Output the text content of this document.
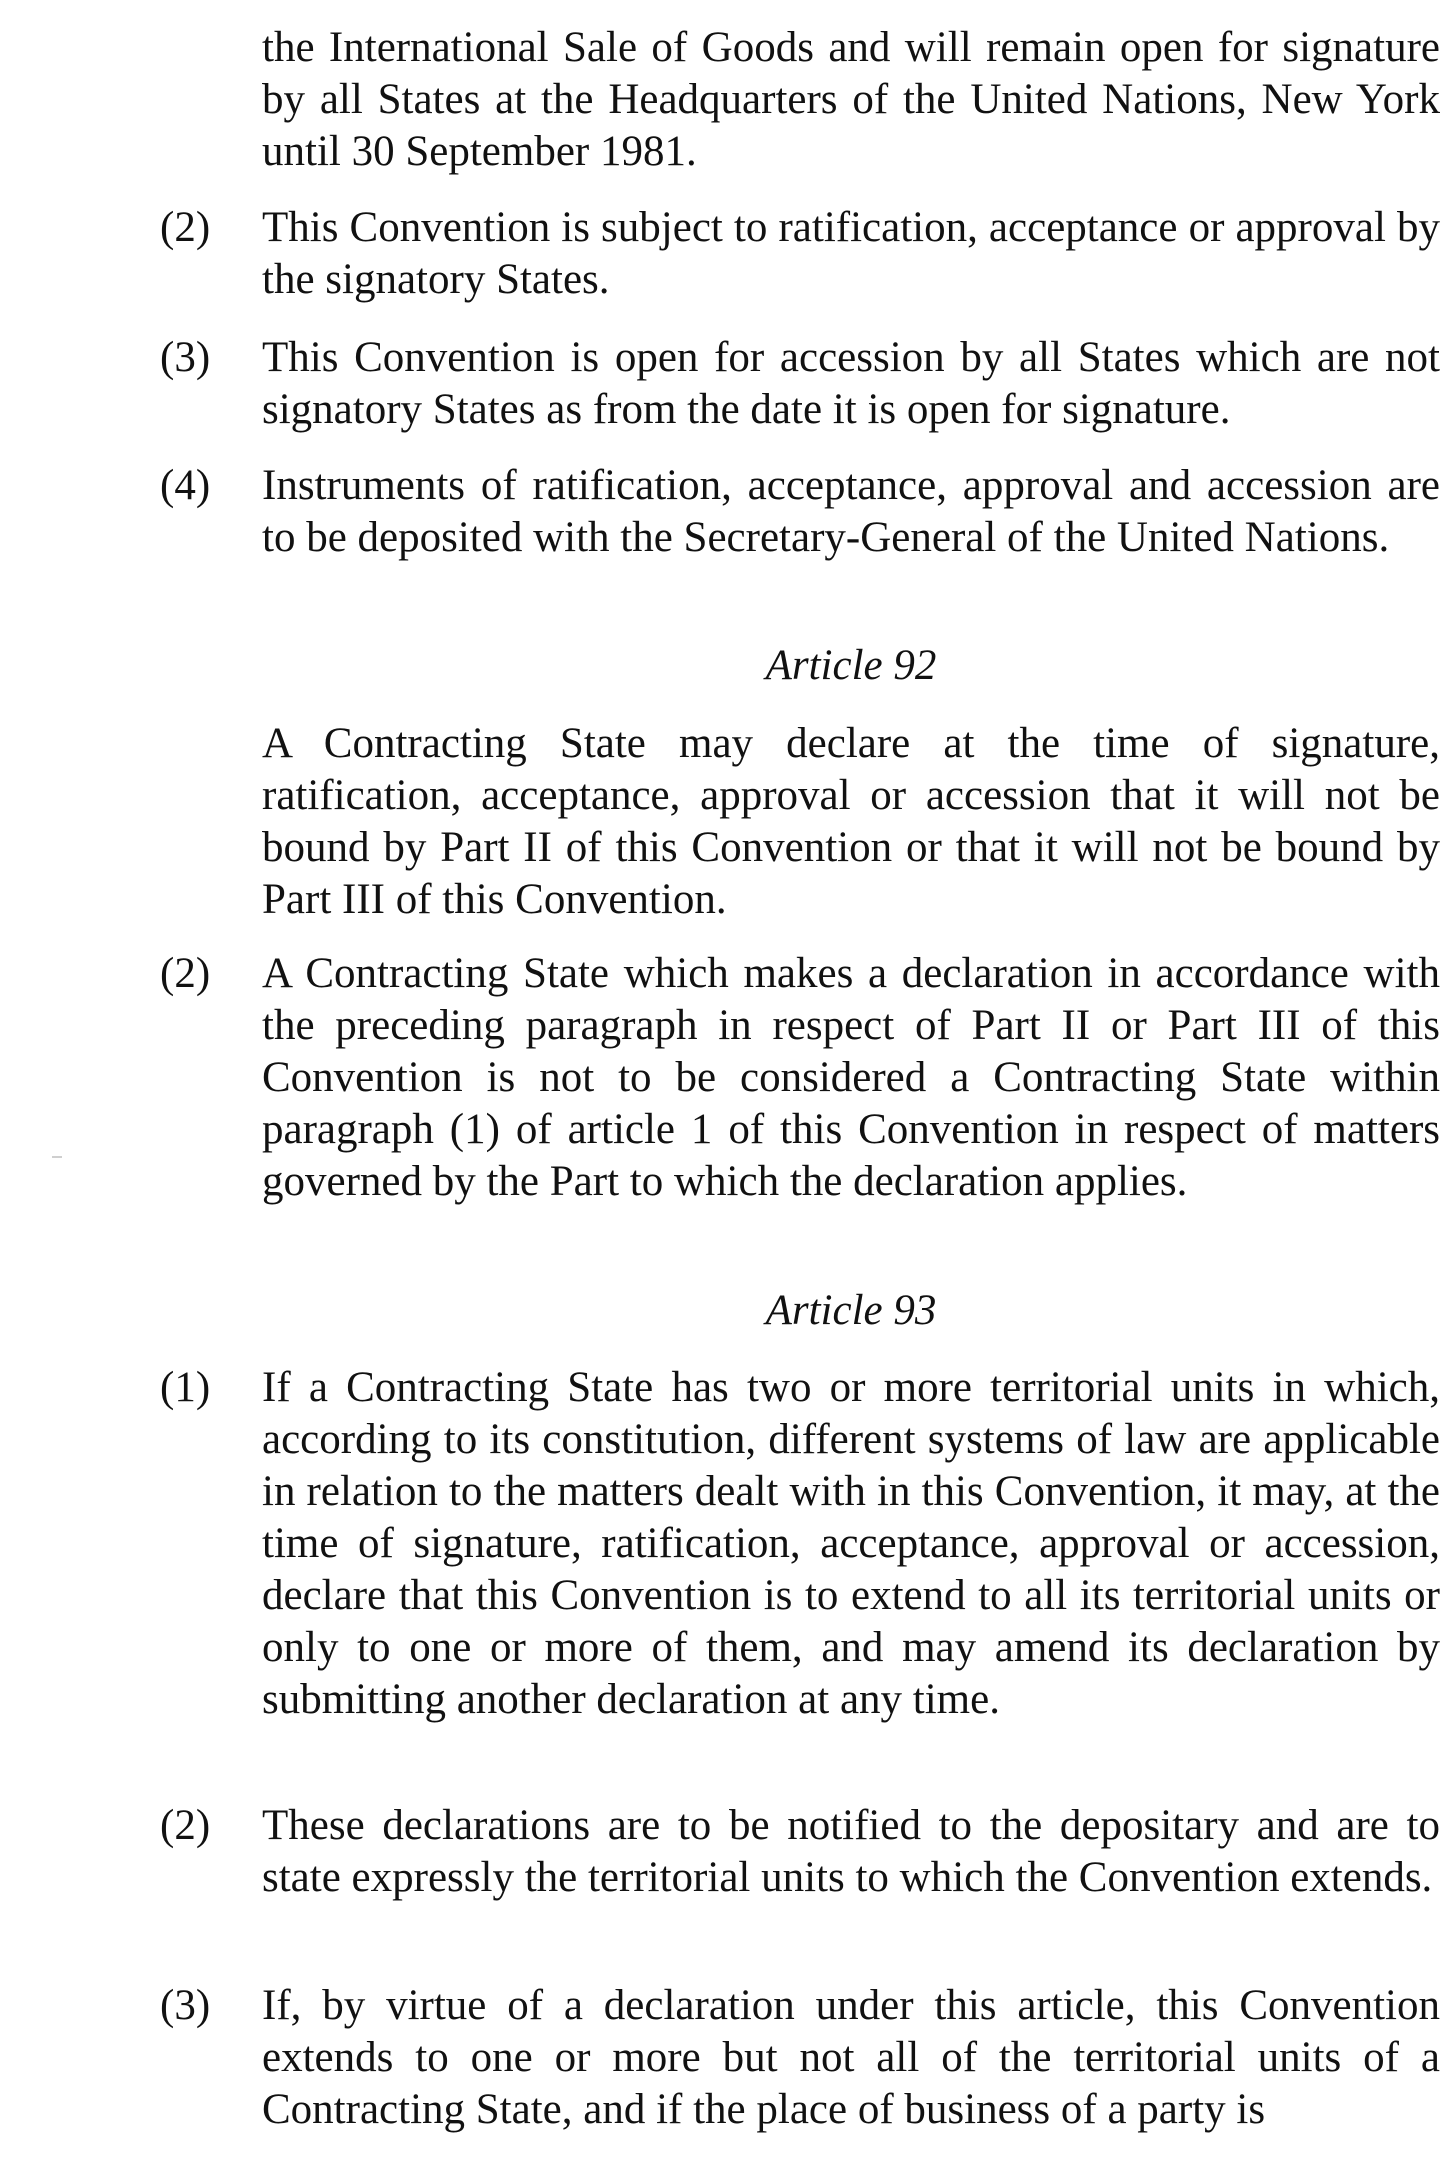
the International Sale of Goods and will remain open for signature by all States at the Headquarters of the United Nations, New York until 30 September 1981.

(2) This Convention is subject to ratification, acceptance or approval by the signatory States.

(3) This Convention is open for accession by all States which are not signatory States as from the date it is open for signature.

(4) Instruments of ratification, acceptance, approval and accession are to be deposited with the Secretary-General of the United Nations.

Article 92

A Contracting State may declare at the time of signature, ratification, acceptance, approval or accession that it will not be bound by Part II of this Convention or that it will not be bound by Part III of this Convention.

(2) A Contracting State which makes a declaration in accordance with the preceding paragraph in respect of Part II or Part III of this Convention is not to be considered a Contracting State within paragraph (1) of article 1 of this Convention in respect of matters governed by the Part to which the declaration applies.

Article 93

(1) If a Contracting State has two or more territorial units in which, according to its constitution, different systems of law are applicable in relation to the matters dealt with in this Convention, it may, at the time of signature, ratification, acceptance, approval or accession, declare that this Convention is to extend to all its territorial units or only to one or more of them, and may amend its declaration by submitting another declaration at any time.

(2) These declarations are to be notified to the depositary and are to state expressly the territorial units to which the Convention extends.

(3) If, by virtue of a declaration under this article, this Convention extends to one or more but not all of the territorial units of a Contracting State, and if the place of business of a party is
